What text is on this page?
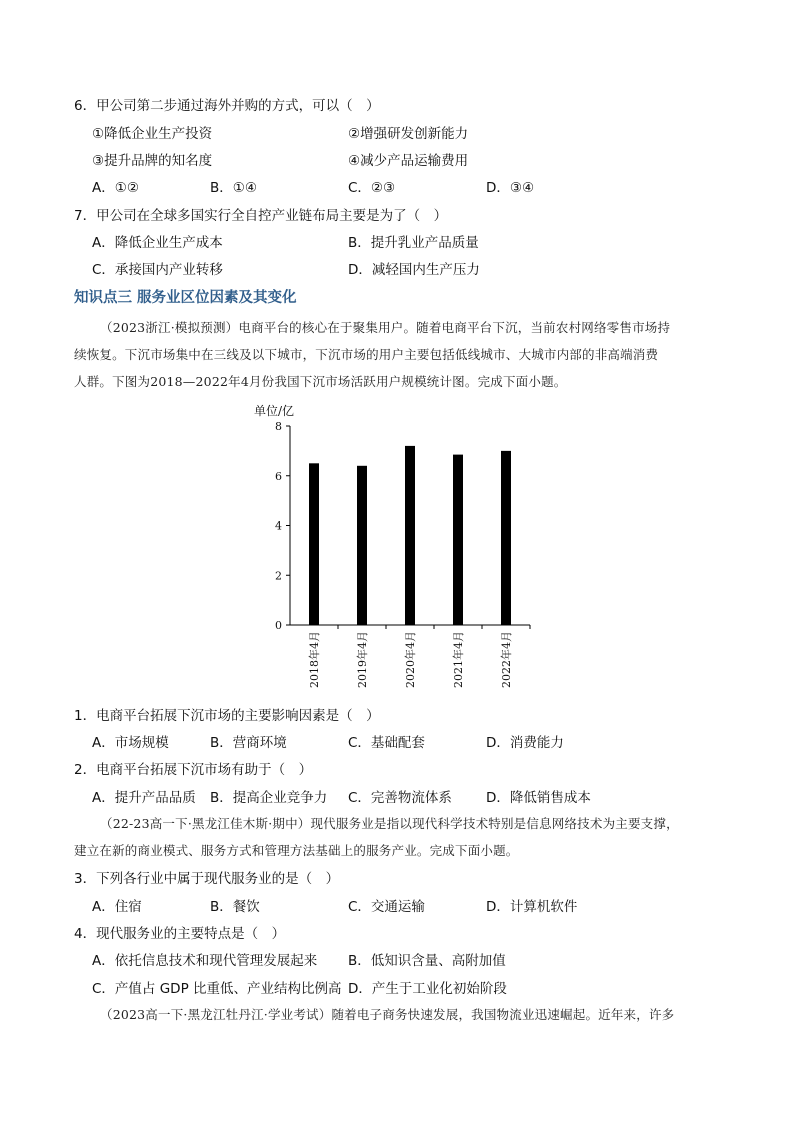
6．甲公司第二步通过海外并购的方式，可以（　）
①降低企业生产投资	②增强研发创新能力
③提升品牌的知名度	④减少产品运输费用
A．①②	B．①④	C．②③	D．③④
7．甲公司在全球多国实行全自控产业链布局主要是为了（　）
A．降低企业生产成本	B．提升乳业产品质量
C．承接国内产业转移	D．减轻国内生产压力
知识点三 服务业区位因素及其变化
（2023浙江·模拟预测）电商平台的核心在于聚集用户。随着电商平台下沉，当前农村网络零售市场持
续恢复。下沉市场集中在三线及以下城市，下沉市场的用户主要包括低线城市、大城市内部的非高端消费
人群。下图为2018—2022年4月份我国下沉市场活跃用户规模统计图。完成下面小题。
单位/亿
0
2
4
6
8
2018年4月	2019年4月	2020年4月	2021年4月	2022年4月
1．电商平台拓展下沉市场的主要影响因素是（　）
A．市场规模	B．营商环境	C．基础配套	D．消费能力
2．电商平台拓展下沉市场有助于（　）
A．提升产品品质 B．提高企业竞争力 C．完善物流体系	D．降低销售成本
（22-23高一下·黑龙江佳木斯·期中）现代服务业是指以现代科学技术特别是信息网络技术为主要支撑，
建立在新的商业模式、服务方式和管理方法基础上的服务产业。完成下面小题。
3．下列各行业中属于现代服务业的是（　）
A．住宿	B．餐饮	C．交通运输	D．计算机软件
4．现代服务业的主要特点是（　）
A．依托信息技术和现代管理发展起来 B．低知识含量、高附加值
C．产值占 GDP 比重低、产业结构比例高 D．产生于工业化初始阶段
（2023高一下·黑龙江牡丹江·学业考试）随着电子商务快速发展，我国物流业迅速崛起。近年来，许多
